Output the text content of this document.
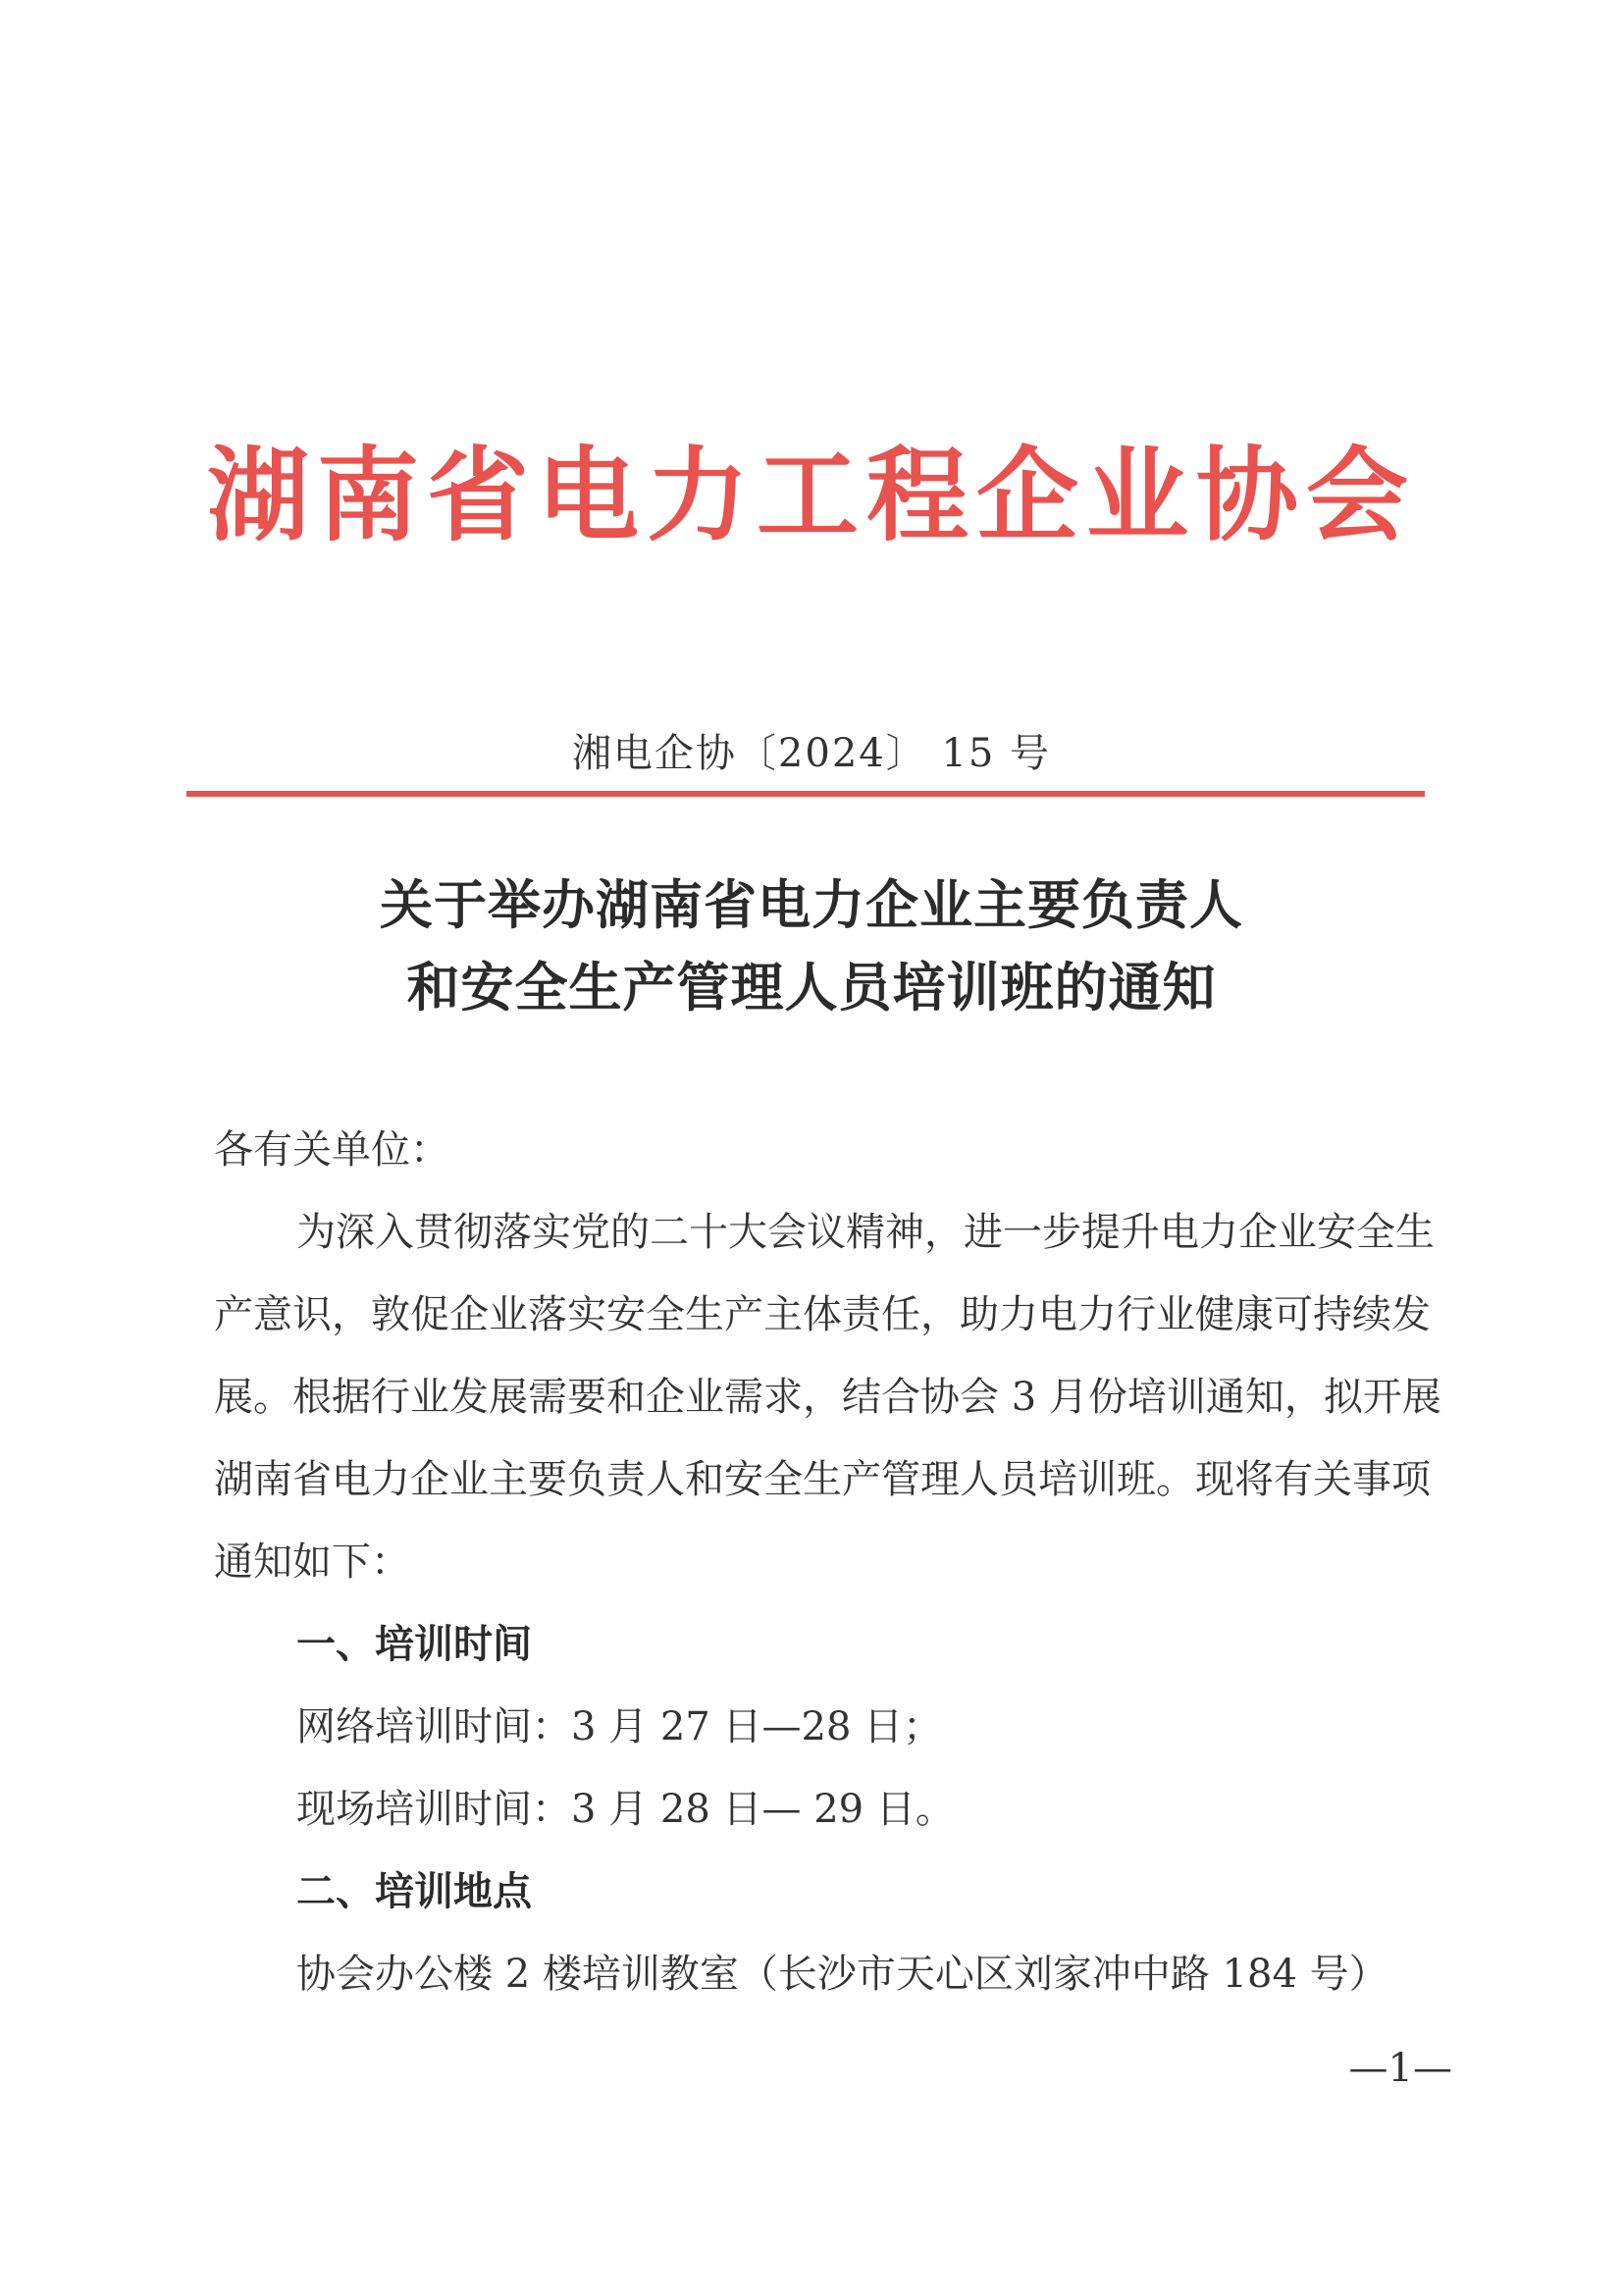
湖南省电力工程企业协会
湘电企协〔2024〕 15 号
关于举办湖南省电力企业主要负责人
和安全生产管理人员培训班的通知

各有关单位：

为深入贯彻落实党的二十大会议精神，进一步提升电力企业安全生产意识，敦促企业落实安全生产主体责任，助力电力行业健康可持续发展。根据行业发展需要和企业需求，结合协会 3 月份培训通知，拟开展湖南省电力企业主要负责人和安全生产管理人员培训班。现将有关事项通知如下：

一、培训时间

网络培训时间：3 月 27 日—28 日；

现场培训时间：3 月 28 日— 29 日。

二、培训地点

协会办公楼 2 楼培训教室（长沙市天心区刘家冲中路 184 号）

—1—
